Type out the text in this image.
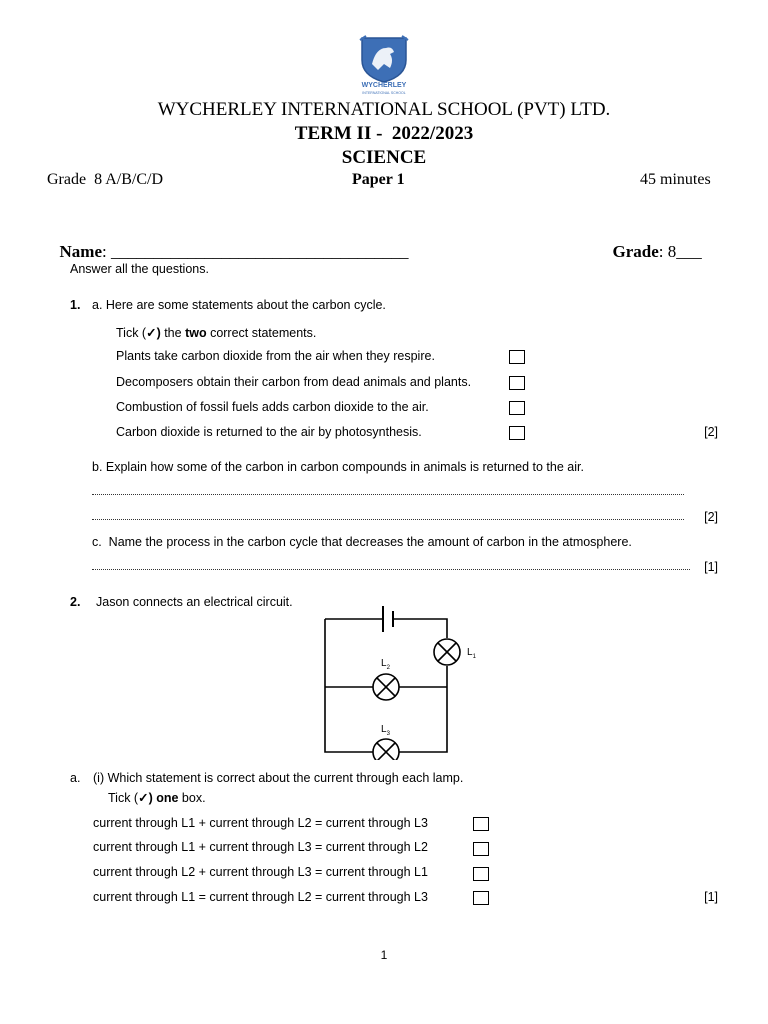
WYCHERLEY
INTERNATIONAL SCHOOL
WYCHERLEY INTERNATIONAL SCHOOL (PVT) LTD.
TERM II -  2022/2023
SCIENCE
Grade  8 A/B/C/D	Paper 1	45 minutes

Name: ___________________________________	Grade: 8___

Answer all the questions.
1. a. Here are some statements about the carbon cycle.
Tick (✓) the two correct statements.
Plants take carbon dioxide from the air when they respire.
Decomposers obtain their carbon from dead animals and plants.
Combustion of fossil fuels adds carbon dioxide to the air.
Carbon dioxide is returned to the air by photosynthesis.	[2]
b. Explain how some of the carbon in carbon compounds in animals is returned to the air.
[2]
c.  Name the process in the carbon cycle that decreases the amount of carbon in the atmosphere.
[1]
2. Jason connects an electrical circuit.
$L_1$
$L_2$
$L_3$
a. (i) Which statement is correct about the current through each lamp.
Tick (✓) one box.
current through L1 + current through L2 = current through L3
current through L1 + current through L3 = current through L2
current through L2 + current through L3 = current through L1
current through L1 = current through L2 = current through L3	[1]
1
